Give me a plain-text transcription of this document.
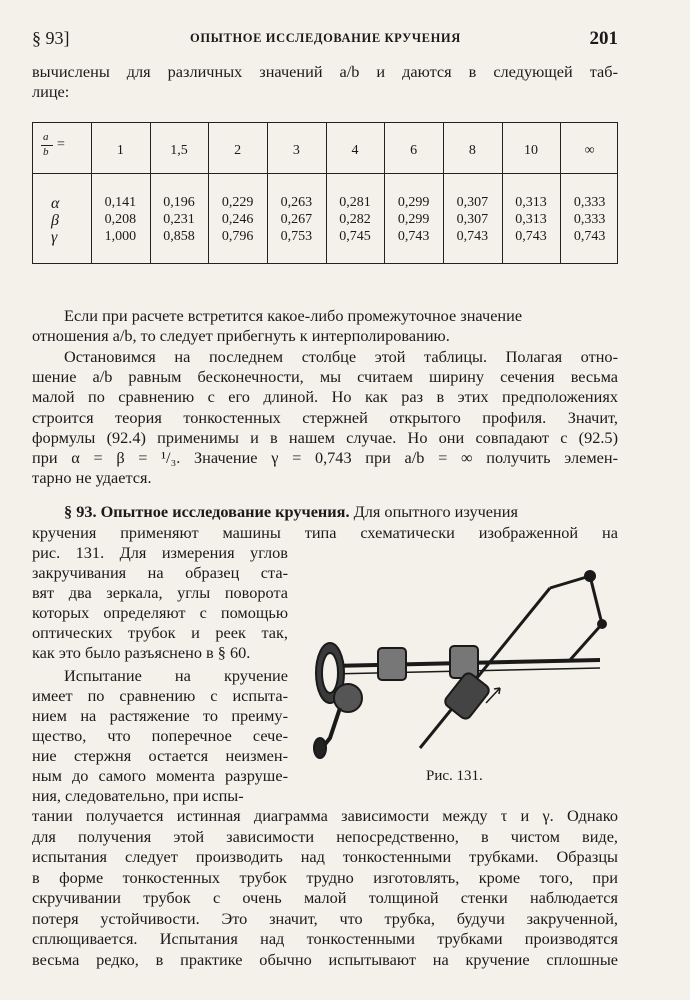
§ 93]	ОПЫТНОЕ ИССЛЕДОВАНИЕ КРУЧЕНИЯ	201
вычислены для различных значений a/b и даются в следующей таб-
лице:
a
b =	1	1,5	2	3	4	6	8	10	∞
α	0,141	0,196	0,229	0,263	0,281	0,299	0,307	0,313	0,333
β	0,208	0,231	0,246	0,267	0,282	0,299	0,307	0,313	0,333
γ	1,000	0,858	0,796	0,753	0,745	0,743	0,743	0,743	0,743
Если при расчете встретится какое-либо промежуточное значение
отношения a/b, то следует прибегнуть к интерполированию.
Остановимся на последнем столбце этой таблицы. Полагая отно-
шение a/b равным бесконечности, мы считаем ширину сечения весьма
малой по сравнению с его длиной. Но как раз в этих предположениях
строится теория тонкостенных стержней открытого профиля. Значит,
формулы (92.4) применимы и в нашем случае. Но они совпадают с (92.5)
при α = β = ¹/₃. Значение γ = 0,743 при a/b = ∞ получить элемен-
тарно не удается.
§ 93. Опытное исследование кручения. Для опытного изучения
кручения применяют машины типа схематически изображенной на
рис. 131. Для измерения углов
закручивания на образец ста-
вят два зеркала, углы поворота
которых определяют с помощью
оптических трубок и реек так,
как это было разъяснено в § 60.
Испытание на кручение
имеет по сравнению с испыта-
нием на растяжение то преиму-
щество, что поперечное сече-
ние стержня остается неизмен-
ным до самого момента разруше-
ния, следовательно, при испы-
тании получается истинная диаграмма зависимости между τ и γ. Однако
для получения этой зависимости непосредственно, в чистом виде,
испытания следует производить над тонкостенными трубками. Образцы
в форме тонкостенных трубок трудно изготовлять, кроме того, при
скручивании трубок с очень малой толщиной стенки наблюдается
потеря устойчивости. Это значит, что трубка, будучи закрученной,
сплющивается. Испытания над тонкостенными трубками производятся
весьма редко, в практике обычно испытывают на кручение сплошные
Рис. 131.
